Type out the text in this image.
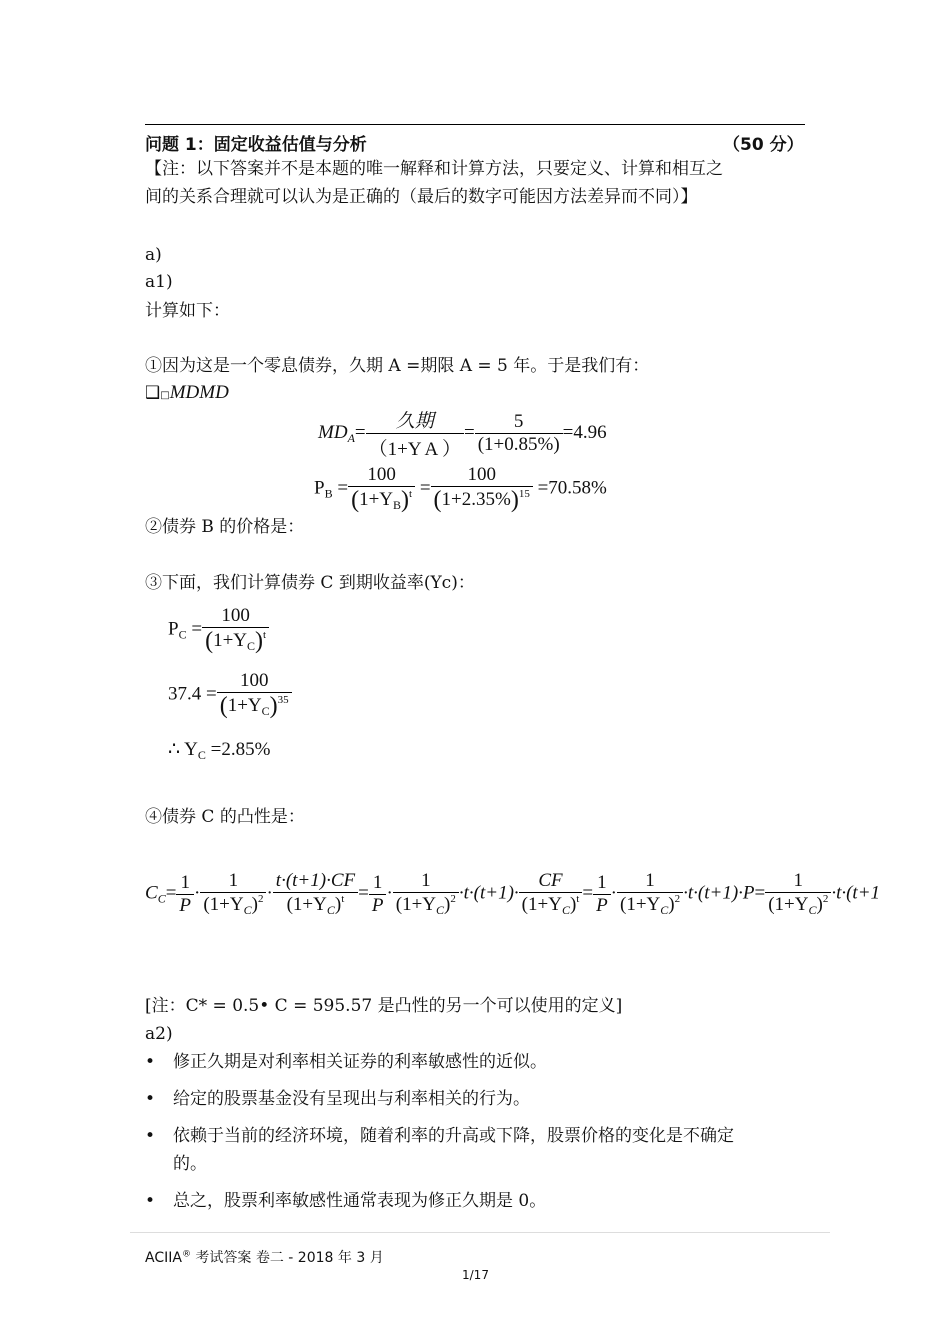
问题 1：固定收益估值与分析	（50 分）
【注：以下答案并不是本题的唯一解释和计算方法，只要定义、计算和相互之
间的关系合理就可以认为是正确的（最后的数字可能因方法差异而不同）】
a)
a1)
计算如下：
①因为这是一个零息债券，久期 A =期限 A = 5 年。于是我们有：
❑□MDMD
$MD_A= \frac{\text{久期}}{\text{（1+Y A ）}} = \frac{5}{(1+0.85\%)} =4.96$
$P_B = \frac{100}{(1+Y_B)^t} = \frac{100}{(1+2.35\%)^{15}} =70.58\%$
②债券 B 的价格是：
③下面，我们计算债券 C 到期收益率(Yc)：
$P_C = \frac{100}{(1+Y_C)^t}$
$37.4 = \frac{100}{(1+Y_C)^{35}}$
∴ $Y_C =2.85\%$
④债券 C 的凸性是：
$C_C= \frac{1}{P} \cdot \frac{1}{(1+Y_C)^2} \cdot \frac{t\cdot(t+1)\cdot CF}{(1+Y_C)^t} = \frac{1}{P} \cdot \frac{1}{(1+Y_C)^2} \cdot t\cdot(t+1)\cdot \frac{CF}{(1+Y_C)^t} = \frac{1}{P} \cdot \frac{1}{(1+Y_C)^2} \cdot t\cdot(t+1)\cdot P= \frac{1}{(1+Y_C)^2} \cdot t\cdot(t+1$
[注：C* = 0.5• C = 595.57 是凸性的另一个可以使用的定义]
a2)
• 修正久期是对利率相关证券的利率敏感性的近似。
• 给定的股票基金没有呈现出与利率相关的行为。
• 依赖于当前的经济环境，随着利率的升高或下降，股票价格的变化是不确定
的。
• 总之，股票利率敏感性通常表现为修正久期是 0。
ACIIA® 考试答案 卷二 - 2018 年 3 月
1/17
